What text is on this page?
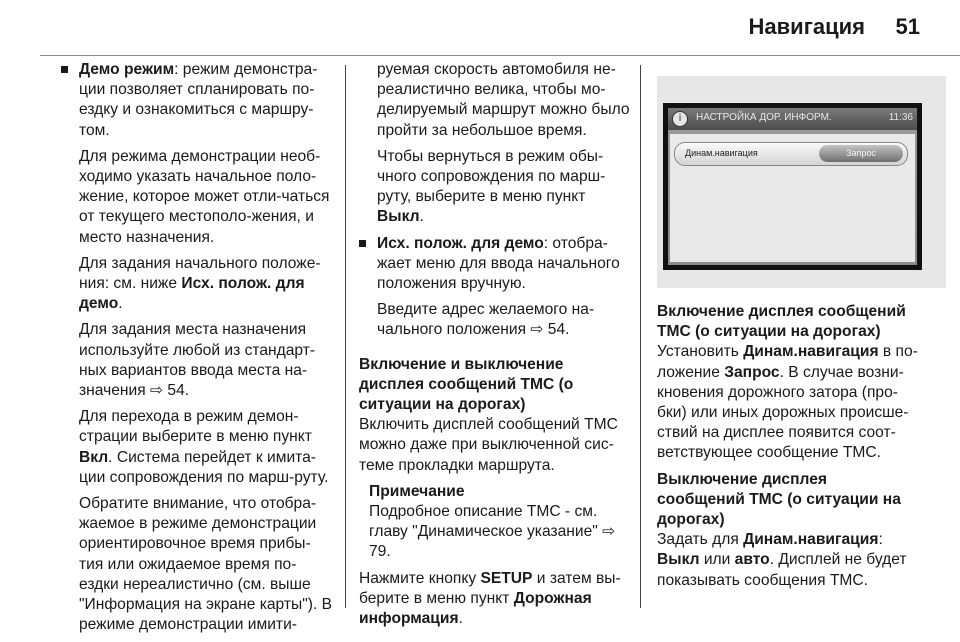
Навигация 51

Демо режим: режим демонстра-ции позволяет спланировать по-ездку и ознакомиться с маршру-том.

Для режима демонстрации необ-ходимо указать начальное поло-жение, которое может отли-чаться от текущего местополо-жения, и место назначения.

Для задания начального положе-ния: см. ниже Исх. полож. для демо.

Для задания места назначения используйте любой из стандарт-ных вариантов ввода места на-значения ⇨ 54.

Для перехода в режим демон-страции выберите в меню пункт Вкл. Система перейдет к имита-ции сопровождения по марш-руту.

Обратите внимание, что отобра-жаемое в режиме демонстрации ориентировочное время прибы-тия или ожидаемое время по-ездки нереалистично (см. выше "Информация на экране карты"). В режиме демонстрации имити-

руемая скорость автомобиля не-реалистично велика, чтобы мо-делируемый маршрут можно было пройти за небольшое время.

Чтобы вернуться в режим обы-чного сопровождения по марш-руту, выберите в меню пункт Выкл.

Исх. полож. для демо: отобра-жает меню для ввода начального положения вручную.

Введите адрес желаемого на-чального положения ⇨ 54.

Включение и выключение дисплея сообщений TMC (о ситуации на дорогах)

Включить дисплей сообщений TMC можно даже при выключенной сис-теме прокладки маршрута.

Примечание

Подробное описание TMC - см. главу "Динамическое указание" ⇨ 79.

Нажмите кнопку SETUP и затем вы-берите в меню пункт Дорожная информация.

i	НАСТРОЙКА ДОР. ИНФОРМ.	11:36
Динам.навигация	Запрос

Включение дисплея сообщений TMC (о ситуации на дорогах)

Установить Динам.навигация в по-ложение Запрос. В случае возни-кновения дорожного затора (про-бки) или иных дорожных происше-ствий на дисплее появится соот-ветствующее сообщение TMC.

Выключение дисплея сообщений TMC (о ситуации на дорогах)

Задать для Динам.навигация:
Выкл или авто. Дисплей не будет показывать сообщения TMC.
